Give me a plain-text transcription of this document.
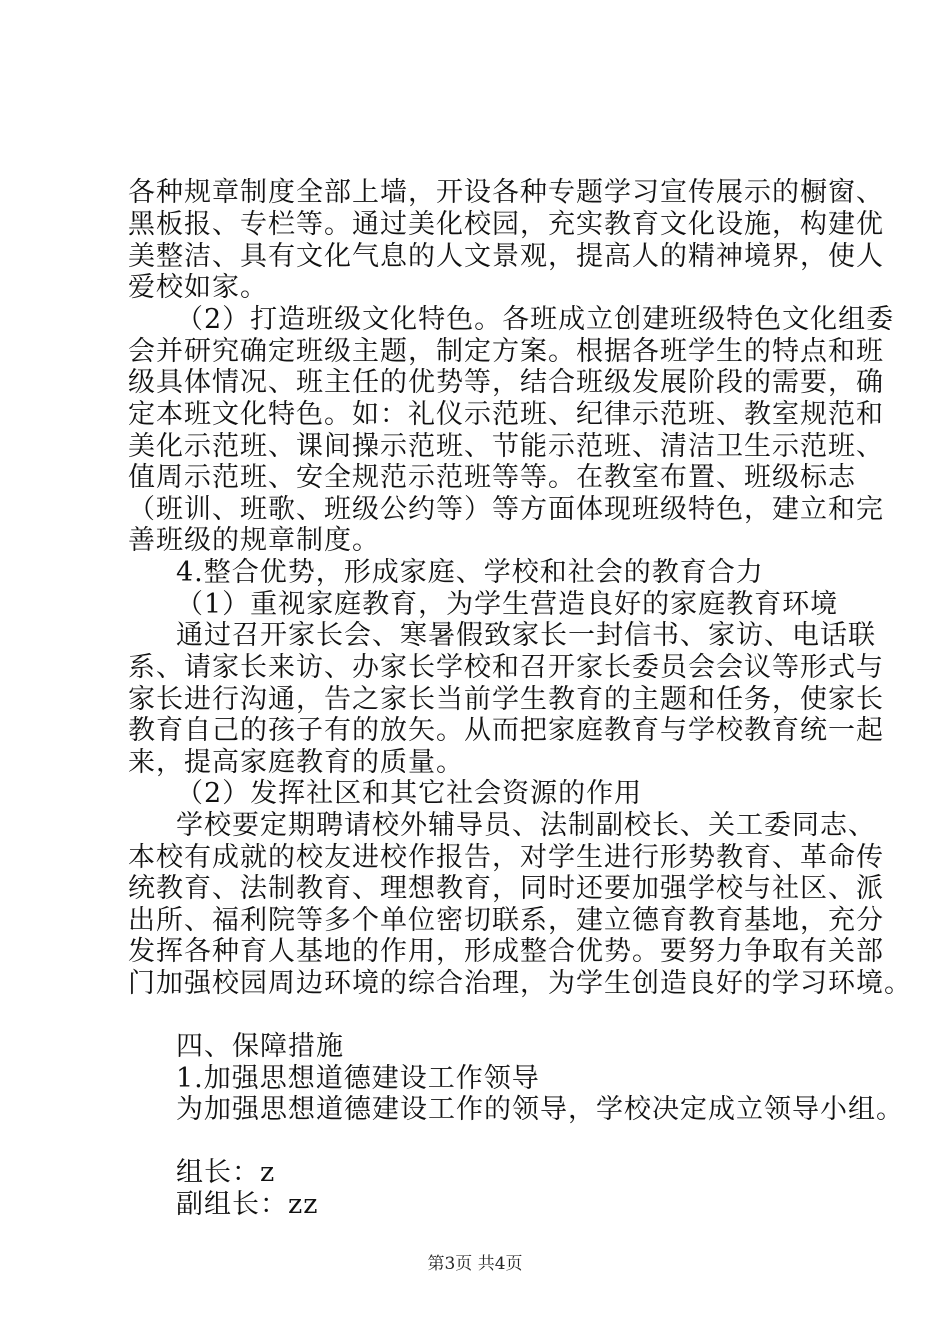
各种规章制度全部上墙，开设各种专题学习宣传展示的橱窗、
黑板报、专栏等。通过美化校园，充实教育文化设施，构建优
美整洁、具有文化气息的人文景观，提高人的精神境界，使人
爱校如家。
（2）打造班级文化特色。各班成立创建班级特色文化组委
会并研究确定班级主题，制定方案。根据各班学生的特点和班
级具体情况、班主任的优势等，结合班级发展阶段的需要，确
定本班文化特色。如：礼仪示范班、纪律示范班、教室规范和
美化示范班、课间操示范班、节能示范班、清洁卫生示范班、
值周示范班、安全规范示范班等等。在教室布置、班级标志
（班训、班歌、班级公约等）等方面体现班级特色，建立和完
善班级的规章制度。
4.整合优势，形成家庭、学校和社会的教育合力
（1）重视家庭教育，为学生营造良好的家庭教育环境
通过召开家长会、寒暑假致家长一封信书、家访、电话联
系、请家长来访、办家长学校和召开家长委员会会议等形式与
家长进行沟通，告之家长当前学生教育的主题和任务，使家长
教育自己的孩子有的放矢。从而把家庭教育与学校教育统一起
来，提高家庭教育的质量。
（2）发挥社区和其它社会资源的作用
学校要定期聘请校外辅导员、法制副校长、关工委同志、
本校有成就的校友进校作报告，对学生进行形势教育、革命传
统教育、法制教育、理想教育，同时还要加强学校与社区、派
出所、福利院等多个单位密切联系，建立德育教育基地，充分
发挥各种育人基地的作用，形成整合优势。要努力争取有关部
门加强校园周边环境的综合治理，为学生创造良好的学习环境。
四、保障措施
1.加强思想道德建设工作领导
为加强思想道德建设工作的领导，学校决定成立领导小组。
组长：z
副组长：zz
第3页 共4页
